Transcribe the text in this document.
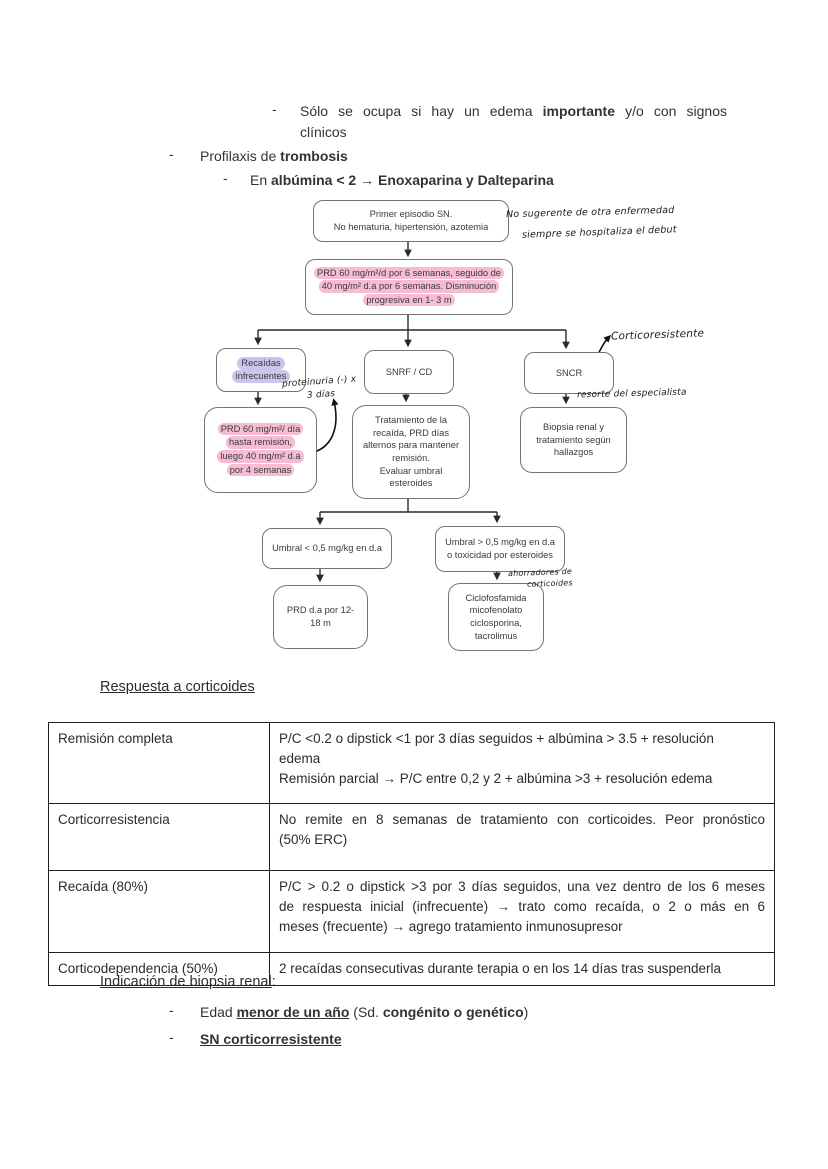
- Sólo se ocupa si hay un edema importante y/o con signos
clínicos
- Profilaxis de trombosis
- En albúmina < 2 → Enoxaparina y Dalteparina
Primer episodio SN.
No hematuria, hipertensión, azotemia
PRD 60 mg/m²/d por 6 semanas, seguido de
40 mg/m² d.a por 6 semanas. Disminución
progresiva en 1- 3 m
Recaídas
infrecuentes	SNRF / CD	SNCR
PRD 60 mg/m²/ día
hasta remisión,
luego 40 mg/m² d.a
por 4 semanas
Tratamiento de la
recaída, PRD días
alternos para mantener
remisión.
Evaluar umbral
esteroides
Biopsia renal y
tratamiento según
hallazgos
Umbral < 0,5 mg/kg en d.a
Umbral > 0,5 mg/kg en d.a
o toxicidad por esteroides
PRD d.a por 12-
18 m
Ciclofosfamida
micofenolato
ciclosporina,
tacrolimus
No sugerente de otra enfermedad
siempre se hospitaliza el debut
Corticoresistente
resorte del especialista
proteinuria (-) x
3 días
ahorradores de
corticoides
Respuesta a corticoides
Remisión completa	P/C <0.2 o dipstick <1 por 3 días seguidos + albúmina > 3.5 + resolución
edema
Remisión parcial → P/C entre 0,2 y 2 + albúmina >3 + resolución edema

Corticorresistencia	No remite en 8 semanas de tratamiento con corticoides. Peor pronóstico
(50% ERC)

Recaída (80%)	P/C > 0.2 o dipstick >3 por 3 días seguidos, una vez dentro de los 6 meses
de respuesta inicial (infrecuente) → trato como recaída, o 2 o más en 6
meses (frecuente) → agrego tratamiento inmunosupresor

Corticodependencia (50%)	2 recaídas consecutivas durante terapia o en los 14 días tras suspenderla
Indicación de biopsia renal:
- Edad menor de un año (Sd. congénito o genético)
- SN corticorresistente
